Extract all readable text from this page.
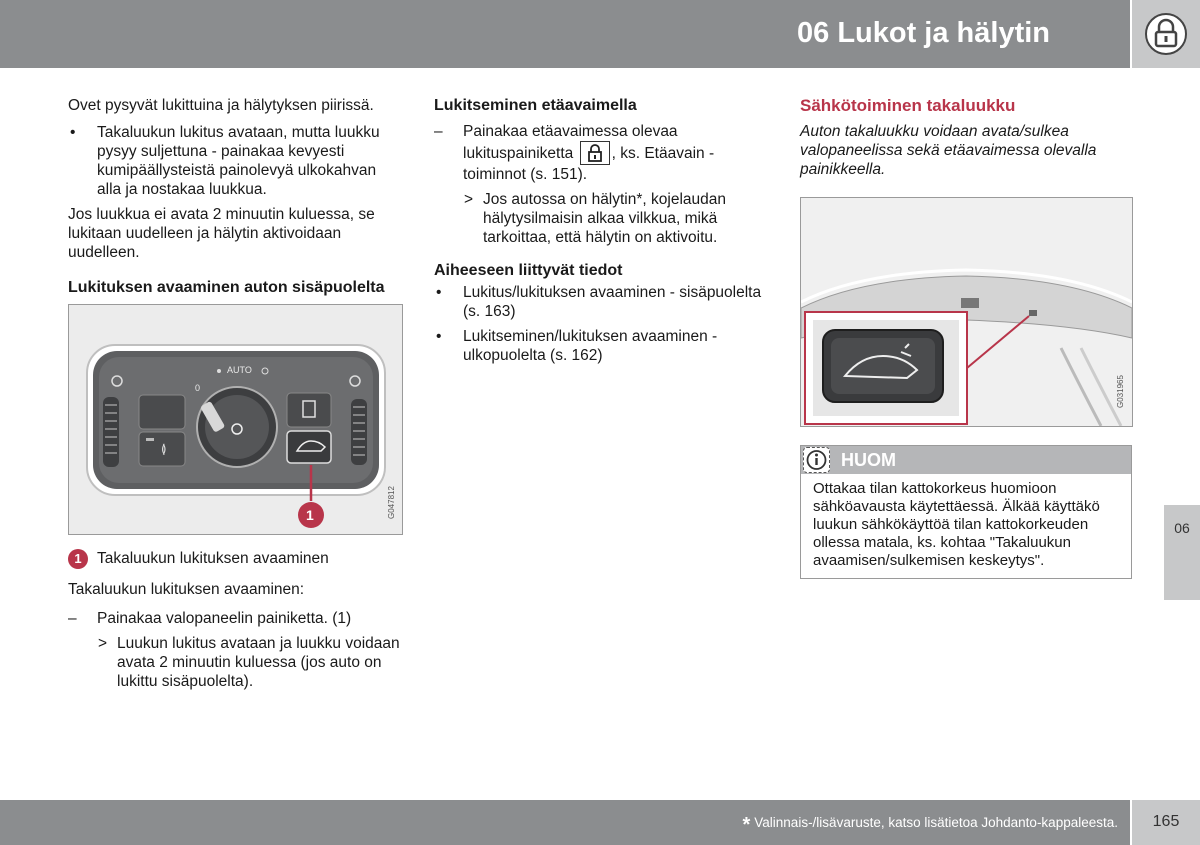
06 Lukot ja hälytin
06

Ovet pysyvät lukittuina ja hälytyksen piirissä.

• Takaluukun lukitus avataan, mutta luukku pysyy suljettuna - painakaa kevyesti kumipäällysteistä painolevyä ulkokahvan alla ja nostakaa luukkua.

Jos luukkua ei avata 2 minuutin kuluessa, se lukitaan uudelleen ja hälytin aktivoidaan uudelleen.

Lukituksen avaaminen auton sisäpuolelta
≬
AUTO
0
1	G047812
1 Takaluukun lukituksen avaaminen

Takaluukun lukituksen avaaminen:

– Painakaa valopaneelin painiketta. (1)
> Luukun lukitus avataan ja luukku voidaan avata 2 minuutin kuluessa (jos auto on lukittu sisäpuolelta).
Lukitseminen etäavaimella
– Painakaa etäavaimessa olevaa lukituspainiketta , ks. Etäavain - toiminnot (s. 151).
> Jos autossa on hälytin*, kojelaudan hälytysilmaisin alkaa vilkkua, mikä tarkoittaa, että hälytin on aktivoitu.
Aiheeseen liittyvät tiedot
• Lukitus/lukituksen avaaminen - sisäpuolelta (s. 163)
• Lukitseminen/lukituksen avaaminen - ulkopuolelta (s. 162)
Sähkötoiminen takaluukku

Auton takaluukku voidaan avata/sulkea valopaneelissa sekä etäavaimessa olevalla painikkeella.

G031965
HUOM
Ottakaa tilan kattokorkeus huomioon sähköavausta käytettäessä. Älkää käyttäkö luukun sähkökäyttöä tilan kattokorkeuden ollessa matala, ks. kohtaa "Takaluukun avaamisen/sulkemisen keskeytys".
* Valinnais-/lisävaruste, katso lisätietoa Johdanto-kappaleesta.	165
